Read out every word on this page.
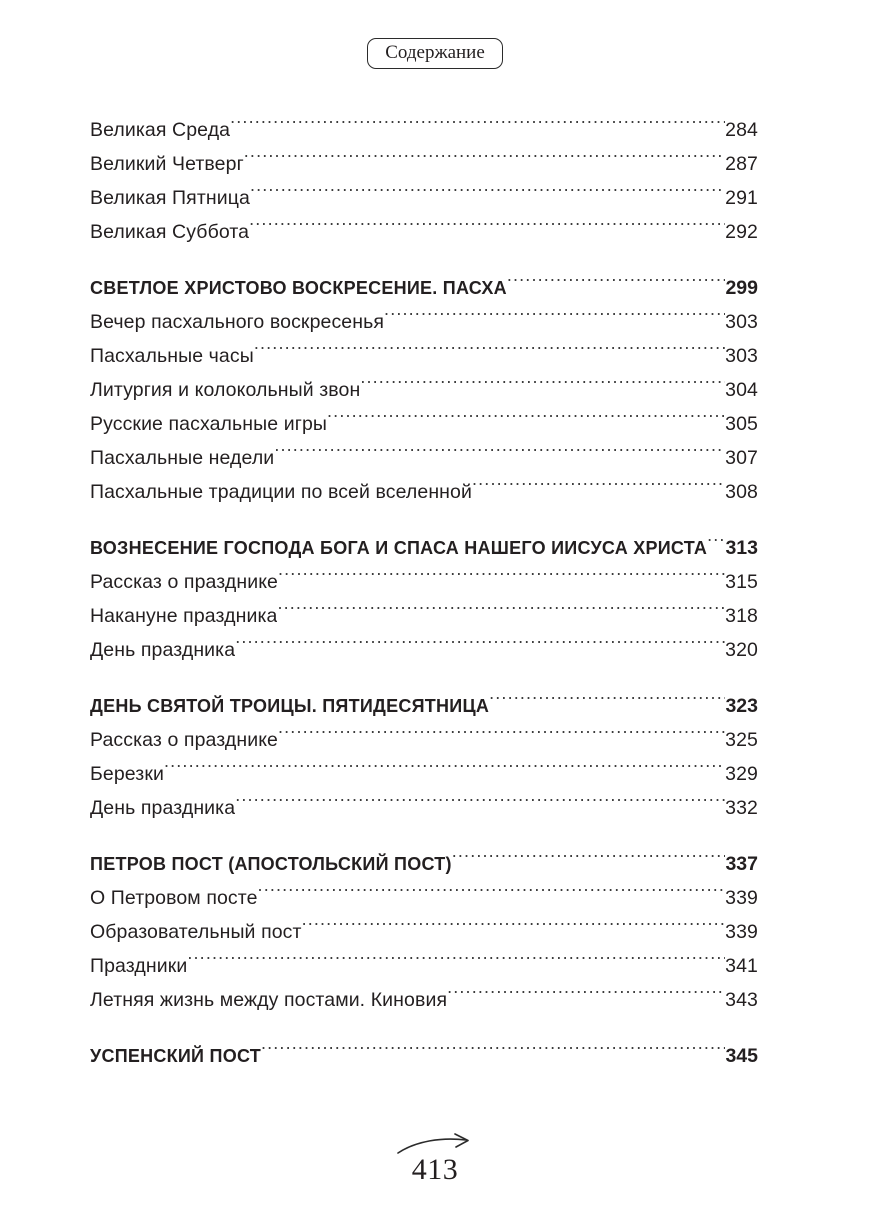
Содержание
Великая Среда .....	284
Великий Четверг .....	287
Великая Пятница .....	291
Великая Суббота .....	292
СВЕТЛОЕ ХРИСТОВО ВОСКРЕСЕНИЕ. ПАСХА .....	299
Вечер пасхального воскресенья .....	303
Пасхальные часы .....	303
Литургия и колокольный звон .....	304
Русские пасхальные игры .....	305
Пасхальные недели .....	307
Пасхальные традиции по всей вселенной .....	308
ВОЗНЕСЕНИЕ ГОСПОДА БОГА И СПАСА НАШЕГО ИИСУСА ХРИСТА ..... 313
Рассказ о празднике .....	315
Накануне праздника .....	318
День праздника .....	320
ДЕНЬ СВЯТОЙ ТРОИЦЫ. ПЯТИДЕСЯТНИЦА .....	323
Рассказ о празднике .....	325
Березки .....	329
День праздника .....	332
ПЕТРОВ ПОСТ (АПОСТОЛЬСКИЙ ПОСТ) .....	337
О Петровом посте .....	339
Образовательный пост .....	339
Праздники .....	341
Летняя жизнь между постами. Киновия .....	343
УСПЕНСКИЙ ПОСТ .....	345
413
